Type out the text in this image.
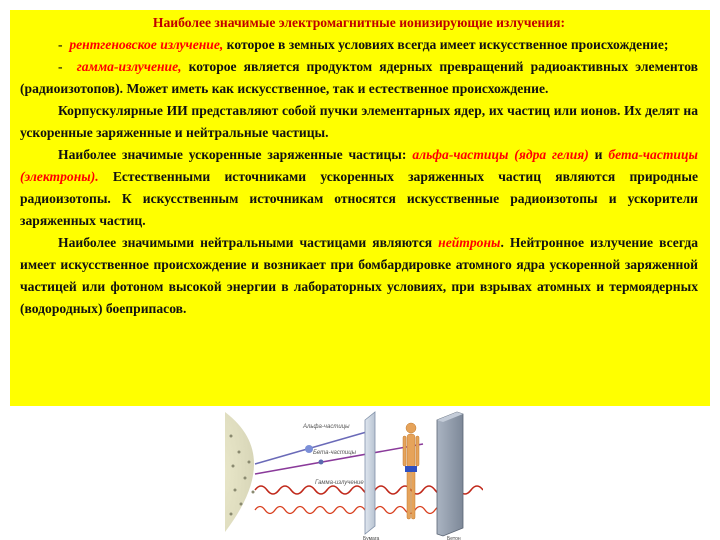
Наиболее значимые электромагнитные ионизирующие излучения:

- рентгеновское излучение, которое в земных условиях всегда имеет искусственное происхождение;

- гамма-излучение, которое является продуктом ядерных превращений радиоактивных элементов (радиоизотопов). Может иметь как искусственное, так и естественное происхождение.

Корпускулярные ИИ представляют собой пучки элементарных ядер, их частиц или ионов. Их делят на ускоренные заряженные и нейтральные частицы.

Наиболее значимые ускоренные заряженные частицы: альфа-частицы (ядра гелия) и бета-частицы (электроны). Естественными источниками ускоренных заряженных частиц являются природные радиоизотопы. К искусственным источникам относятся искусственные радиоизотопы и ускорители заряженных частиц.

Наиболее значимыми нейтральными частицами являются нейтроны. Нейтронное излучение всегда имеет искусственное происхождение и возникает при бомбардировке атомного ядра ускоренной заряженной частицей или фотоном высокой энергии в лабораторных условиях, при взрывах атомных и термоядерных (водородных) боеприпасов.

Альфа-частицы
Бета-частицы
Гамма-излучение
Бумага	Бетон
